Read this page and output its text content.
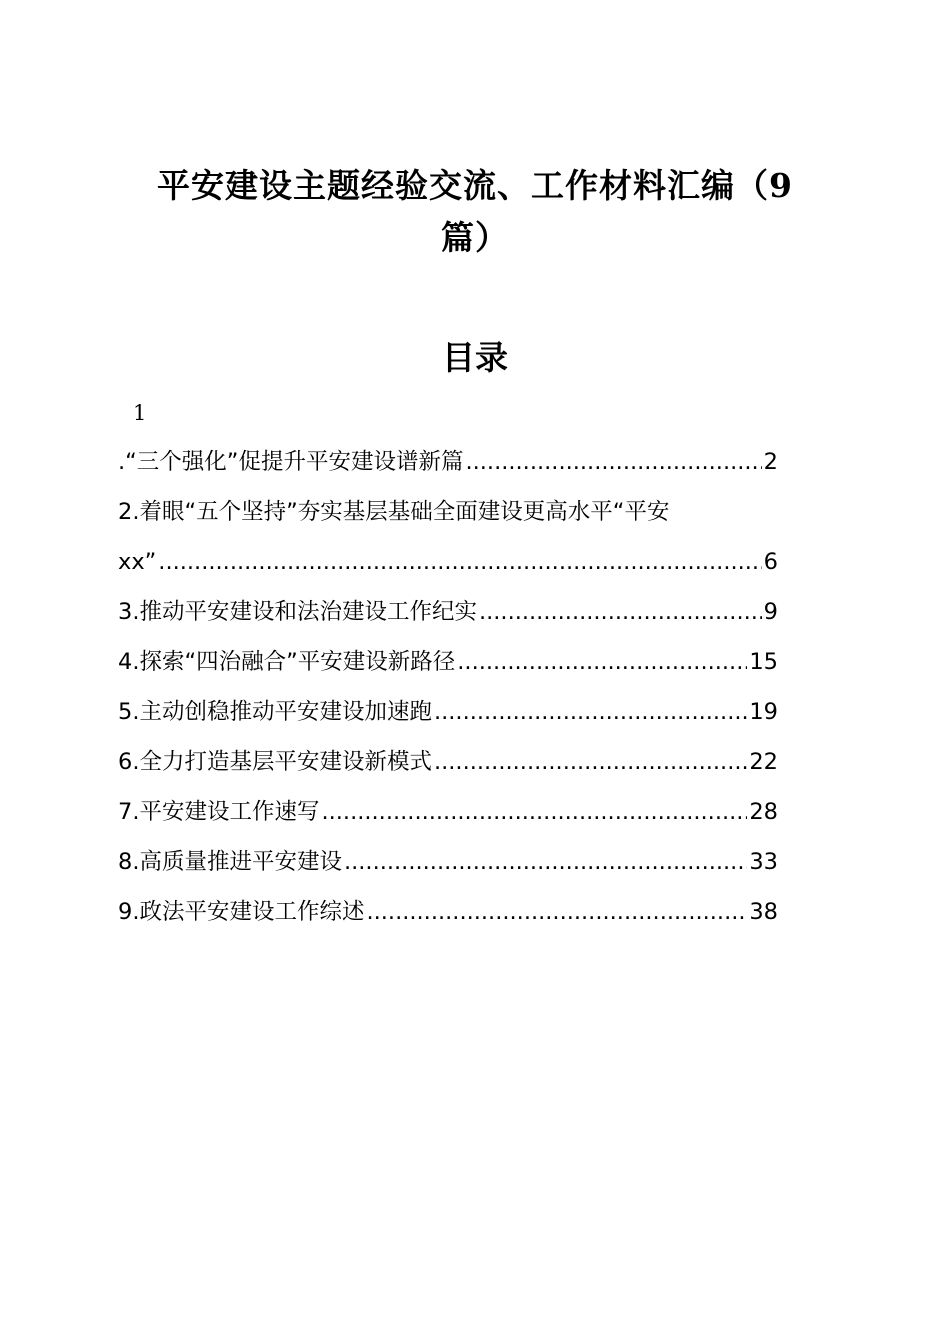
平安建设主题经验交流、工作材料汇编（9
篇）
目录
1
.“三个强化”促提升平安建设谱新篇 .....	2
2.着眼“五个坚持”夯实基层基础全面建设更高水平“平安
xx” .....	6
3.推动平安建设和法治建设工作纪实 .....	9
4.探索“四治融合”平安建设新路径 .....	15
5.主动创稳推动平安建设加速跑 .....	19
6.全力打造基层平安建设新模式 .....	22
7.平安建设工作速写 .....	28
8.高质量推进平安建设 .....	33
9.政法平安建设工作综述 .....	38
